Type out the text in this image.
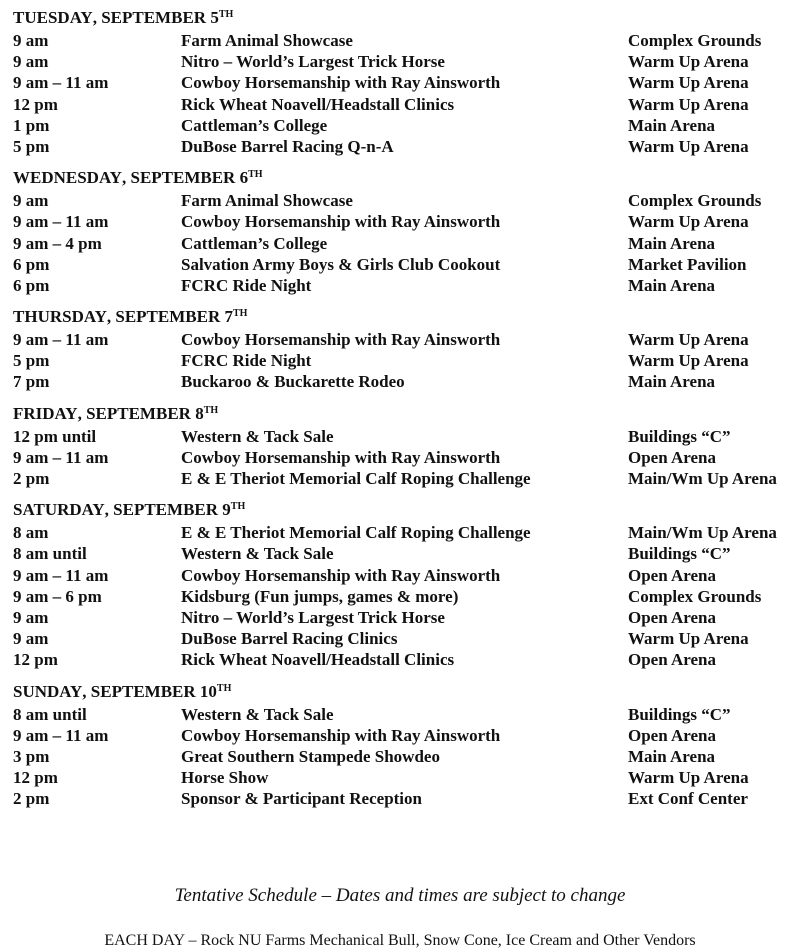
TUESDAY, SEPTEMBER 5TH
9 am	Farm Animal Showcase	Complex Grounds
9 am	Nitro – World’s Largest Trick Horse	Warm Up Arena
9 am – 11 am	Cowboy Horsemanship with Ray Ainsworth	Warm Up Arena
12 pm	Rick Wheat Noavell/Headstall Clinics	Warm Up Arena
1 pm	Cattleman’s College	Main Arena
5 pm	DuBose Barrel Racing Q-n-A	Warm Up Arena
WEDNESDAY, SEPTEMBER 6TH
9 am	Farm Animal Showcase	Complex Grounds
9 am – 11 am	Cowboy Horsemanship with Ray Ainsworth	Warm Up Arena
9 am – 4 pm	Cattleman’s College	Main Arena
6 pm	Salvation Army Boys & Girls Club Cookout	Market Pavilion
6 pm	FCRC Ride Night	Main Arena
THURSDAY, SEPTEMBER 7TH
9 am – 11 am	Cowboy Horsemanship with Ray Ainsworth	Warm Up Arena
5 pm	FCRC Ride Night	Warm Up Arena
7 pm	Buckaroo & Buckarette Rodeo	Main Arena
FRIDAY, SEPTEMBER 8TH
12 pm until	Western & Tack Sale	Buildings “C”
9 am – 11 am	Cowboy Horsemanship with Ray Ainsworth	Open Arena
2 pm	E & E Theriot Memorial Calf Roping Challenge	Main/Wm Up Arena
SATURDAY, SEPTEMBER 9TH
8 am	E & E Theriot Memorial Calf Roping Challenge	Main/Wm Up Arena
8 am until	Western & Tack Sale	Buildings “C”
9 am – 11 am	Cowboy Horsemanship with Ray Ainsworth	Open Arena
9 am – 6 pm	Kidsburg (Fun jumps, games & more)	Complex Grounds
9 am	Nitro – World’s Largest Trick Horse	Open Arena
9 am	DuBose Barrel Racing Clinics	Warm Up Arena
12 pm	Rick Wheat Noavell/Headstall Clinics	Open Arena
SUNDAY, SEPTEMBER 10TH
8 am until	Western & Tack Sale	Buildings “C”
9 am – 11 am	Cowboy Horsemanship with Ray Ainsworth	Open Arena
3 pm	Great Southern Stampede Showdeo	Main Arena
12 pm	Horse Show	Warm Up Arena
2 pm	Sponsor & Participant Reception	Ext Conf Center
Tentative Schedule – Dates and times are subject to change
EACH DAY – Rock NU Farms Mechanical Bull, Snow Cone, Ice Cream and Other Vendors
